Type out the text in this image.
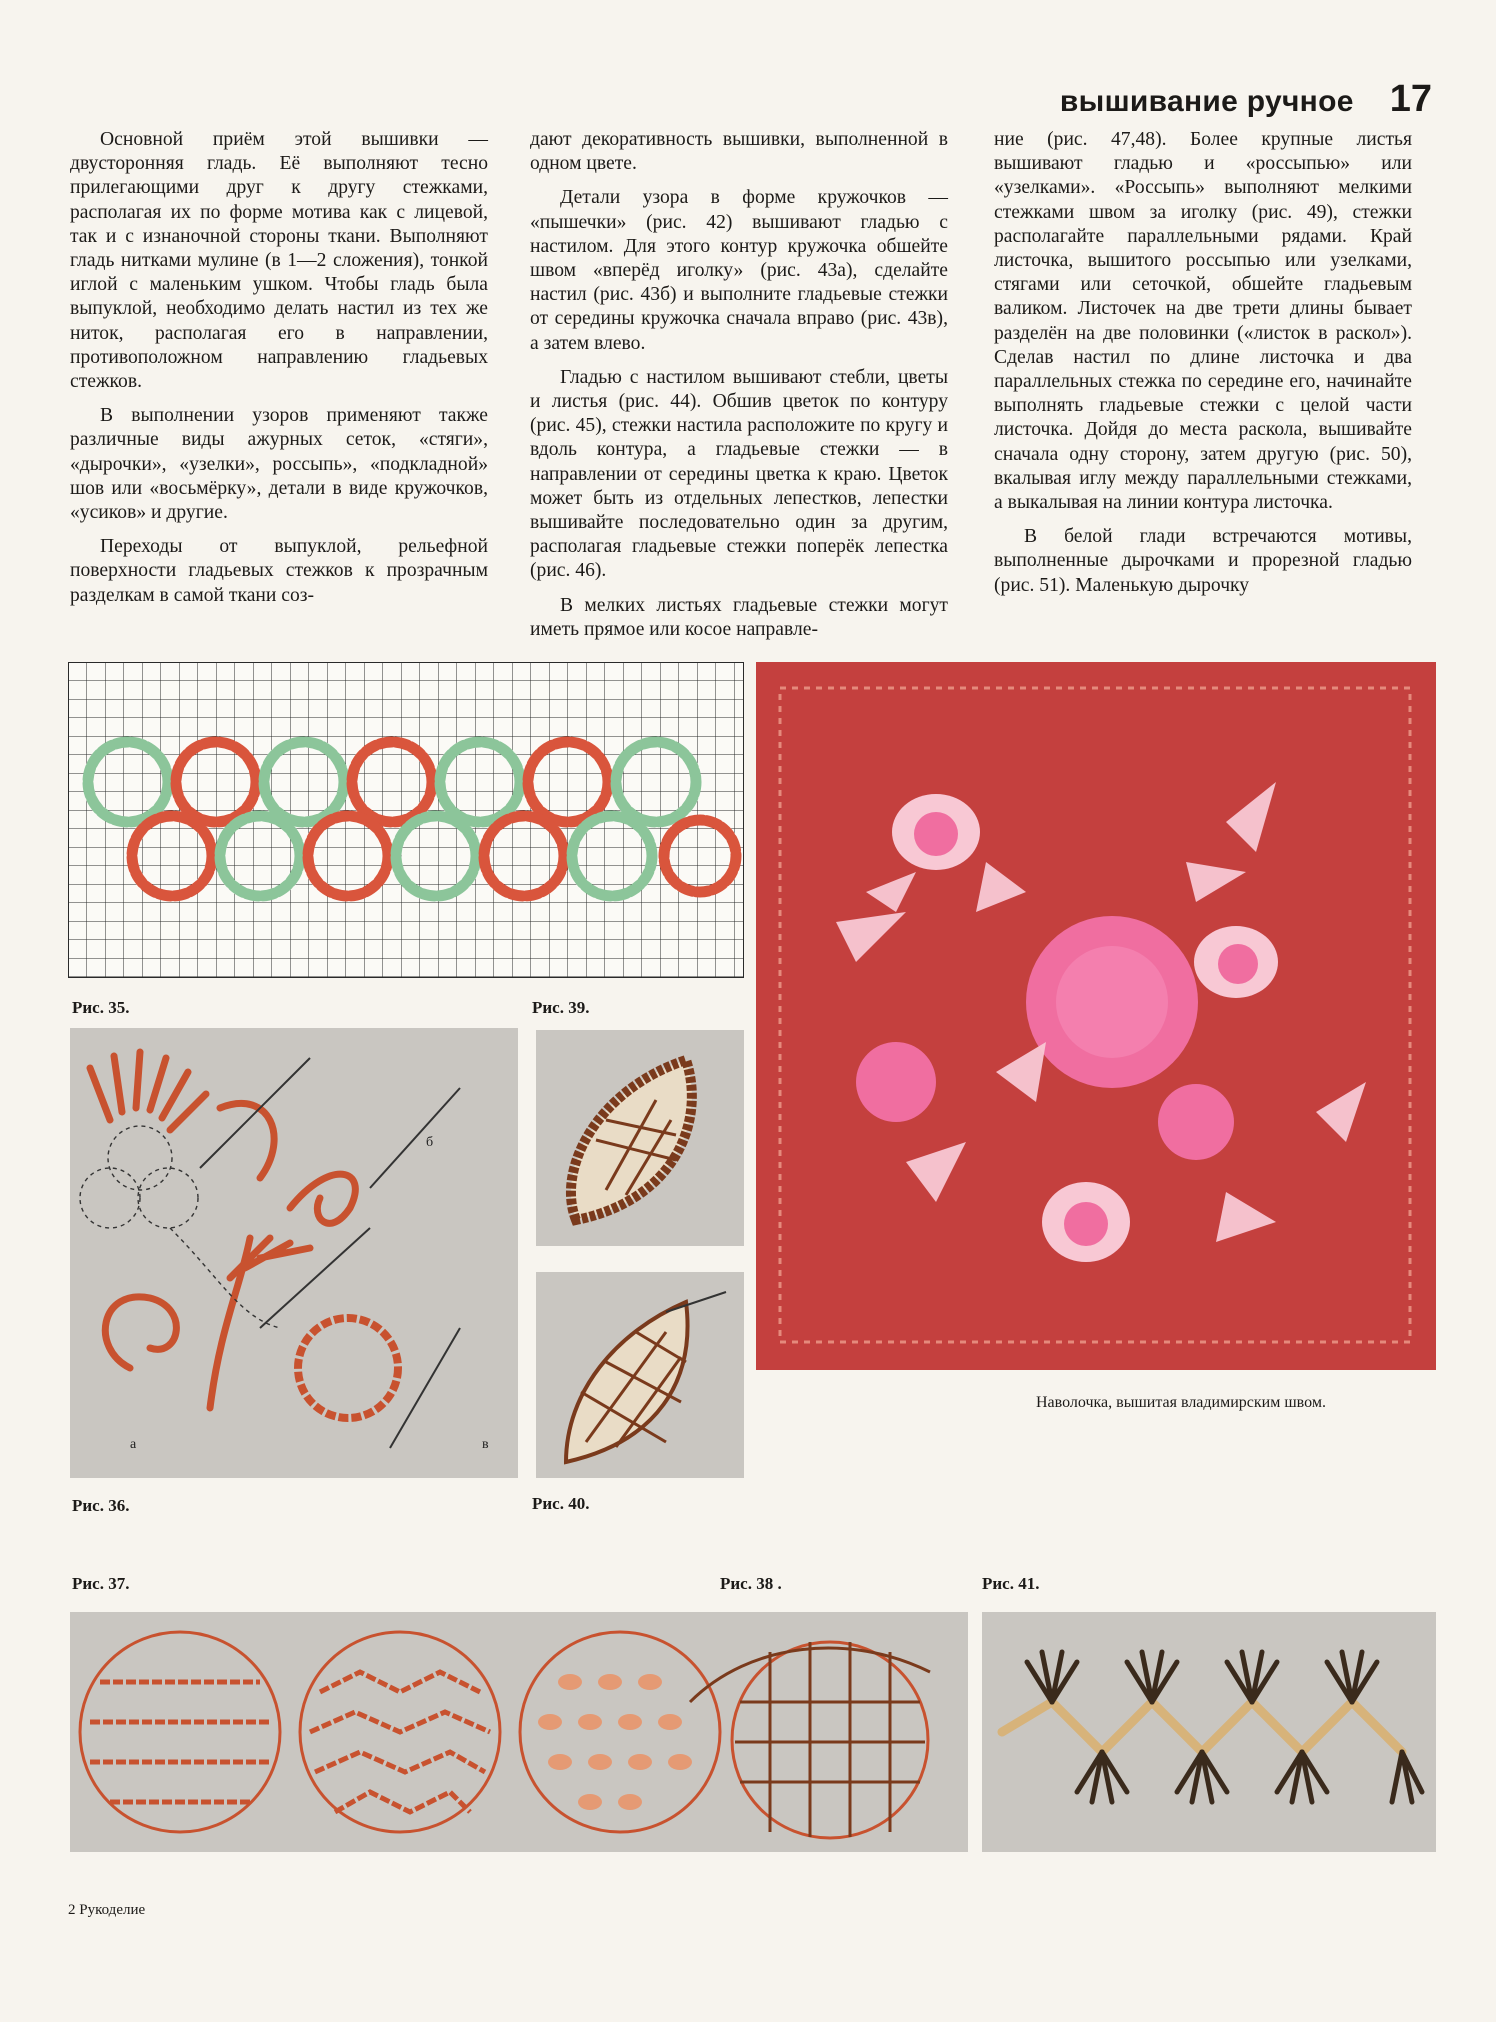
вышивание ручное 17

Основной приём этой вышивки — двусторонняя гладь. Её выполняют тесно прилегающими друг к другу стежками, располагая их по форме мотива как с лицевой, так и с изнаночной стороны ткани. Выполняют гладь нитками мулине (в 1—2 сложения), тонкой иглой с маленьким ушком. Чтобы гладь была выпуклой, необходимо делать настил из тех же ниток, располагая его в направлении, противоположном направлению гладьевых стежков.

В выполнении узоров применяют также различные виды ажурных сеток, «стяги», «дырочки», «узелки», россыпь», «подкладной» шов или «восьмёрку», детали в виде кружочков, «усиков» и другие.

Переходы от выпуклой, рельефной поверхности гладьевых стежков к прозрачным разделкам в самой ткани соз-

дают декоративность вышивки, выполненной в одном цвете.

Детали узора в форме кружочков — «пышечки» (рис. 42) вышивают гладью с настилом. Для этого контур кружочка обшейте швом «вперёд иголку» (рис. 43а), сделайте настил (рис. 43б) и выполните гладьевые стежки от середины кружочка сначала вправо (рис. 43в), а затем влево.

Гладью с настилом вышивают стебли, цветы и листья (рис. 44). Обшив цветок по контуру (рис. 45), стежки настила расположите по кругу и вдоль контура, а гладьевые стежки — в направлении от середины цветка к краю. Цветок может быть из отдельных лепестков, лепестки вышивайте последовательно один за другим, располагая гладьевые стежки поперёк лепестка (рис. 46).

В мелких листьях гладьевые стежки могут иметь прямое или косое направле-

ние (рис. 47,48). Более крупные листья вышивают гладью и «россыпью» или «узелками». «Россыпь» выполняют мелкими стежками швом за иголку (рис. 49), стежки располагайте параллельными рядами. Край листочка, вышитого россыпью или узелками, стягами или сеточкой, обшейте гладьевым валиком. Листочек на две трети длины бывает разделён на две половинки («листок в раскол»). Сделав настил по длине листочка и два параллельных стежка по середине его, начинайте выполнять гладьевые стежки с целой части листочка. Дойдя до места раскола, вышивайте сначала одну сторону, затем другую (рис. 50), вкалывая иглу между параллельными стежками, а выкалывая на линии контура листочка.

В белой глади встречаются мотивы, выполненные дырочками и прорезной гладью (рис. 51). Маленькую дырочку

Рис. 35.
а
б
в
Рис. 36.
Рис. 39.
Рис. 40.
Наволочка, вышитая владимирским швом.
Рис. 37.	Рис. 38 .	Рис. 41.
2 Рукоделие
